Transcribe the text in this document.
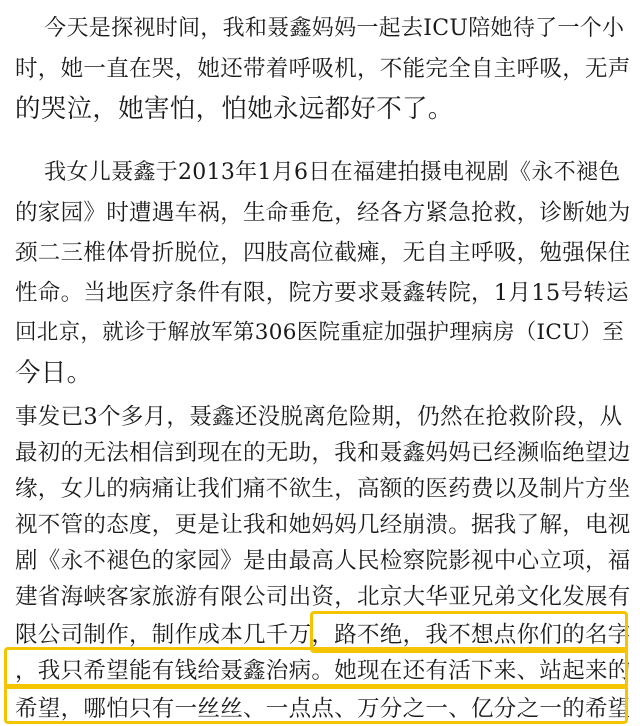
今天是探视时间，我和聂鑫妈妈一起去ICU陪她待了一个小
时，她一直在哭，她还带着呼吸机，不能完全自主呼吸，无声
的哭泣，她害怕，怕她永远都好不了。
我女儿聂鑫于2013年1月6日在福建拍摄电视剧《永不褪色
的家园》时遭遇车祸，生命垂危，经各方紧急抢救，诊断她为
颈二三椎体骨折脱位，四肢高位截瘫，无自主呼吸，勉强保住
性命。当地医疗条件有限，院方要求聂鑫转院，1月15号转运
回北京，就诊于解放军第306医院重症加强护理病房（ICU）至
今日。
事发已3个多月，聂鑫还没脱离危险期，仍然在抢救阶段，从
最初的无法相信到现在的无助，我和聂鑫妈妈已经濒临绝望边
缘，女儿的病痛让我们痛不欲生，高额的医药费以及制片方坐
视不管的态度，更是让我和她妈妈几经崩溃。据我了解，电视
剧《永不褪色的家园》是由最高人民检察院影视中心立项，福
建省海峡客家旅游有限公司出资，北京大华亚兄弟文化发展有
限公司制作，制作成本几千万，路不绝，我不想点你们的名字
，我只希望能有钱给聂鑫治病。她现在还有活下来、站起来的
希望，哪怕只有一丝丝、一点点、万分之一、亿分之一的希望
